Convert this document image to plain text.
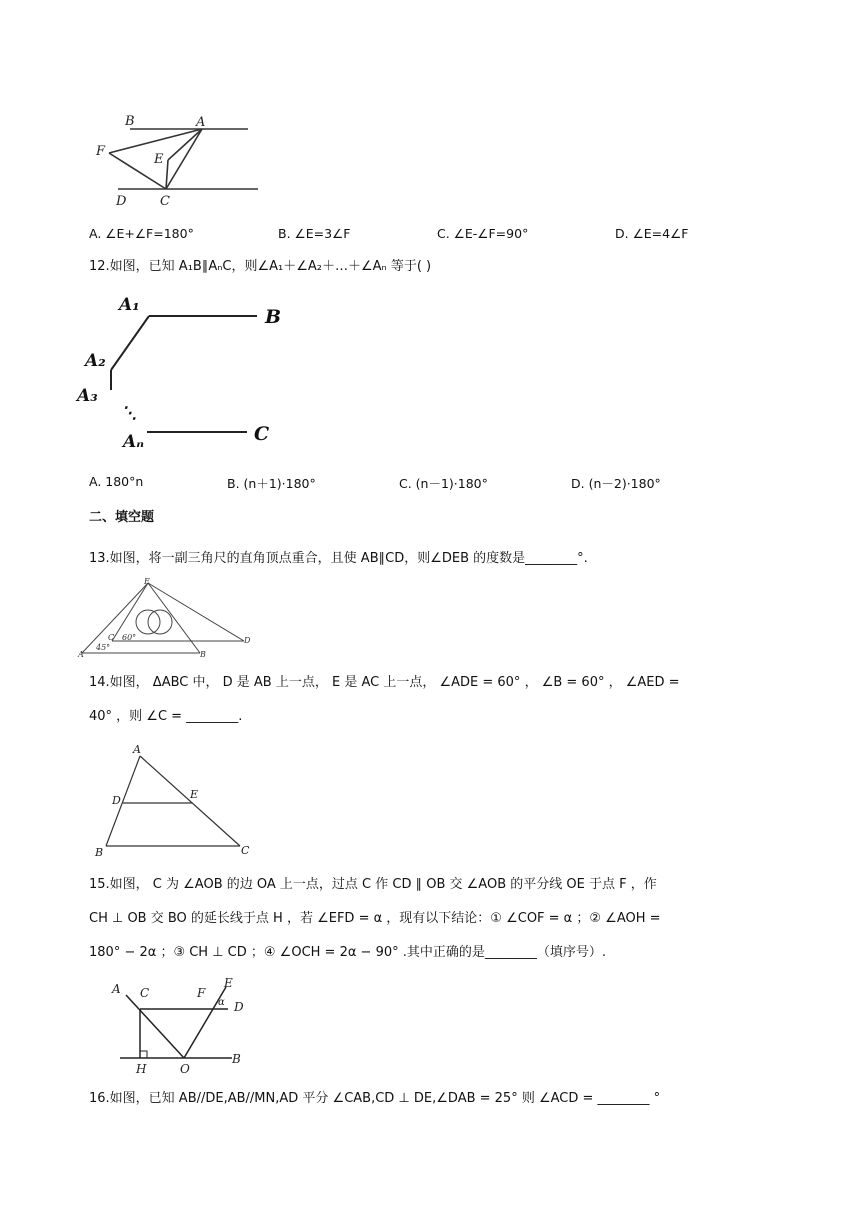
B	A
F
E
D	C
A. ∠E+∠F=180°	B. ∠E=3∠F	C. ∠E-∠F=90°	D. ∠E=4∠F
12.如图，已知 A₁B∥AₙC，则∠A₁＋∠A₂＋…＋∠Aₙ 等于( )
A₁
B
A₂
A₃
⋱
Aₙ	C
A. 180°n	B. (n＋1)·180°	C. (n－1)·180°	D. (n－2)·180°
二、填空题
13.如图，将一副三角尺的直角顶点重合，且使 AB∥CD，则∠DEB 的度数是________°.
E
A	B
C	D
45°
60°
14.如图， ΔABC 中， D 是 AB 上一点， E 是 AC 上一点， ∠ADE = 60° ， ∠B = 60° ， ∠AED =
40° ，则 ∠C = ________.
A
D	E
B	C
15.如图， C 为 ∠AOB 的边 OA 上一点，过点 C 作 CD ∥ OB 交 ∠AOB 的平分线 OE 于点 F ，作
CH ⊥ OB 交 BO 的延长线于点 H ，若 ∠EFD = α ，现有以下结论：① ∠COF = α ；② ∠AOH =
180° − 2α ；③ CH ⊥ CD ；④ ∠OCH = 2α − 90° .其中正确的是________（填序号）.
A C	F
E
α D
H	O
B
16.如图，已知 AB//DE,AB//MN,AD 平分 ∠CAB,CD ⊥ DE,∠DAB = 25° 则 ∠ACD = ________ °
